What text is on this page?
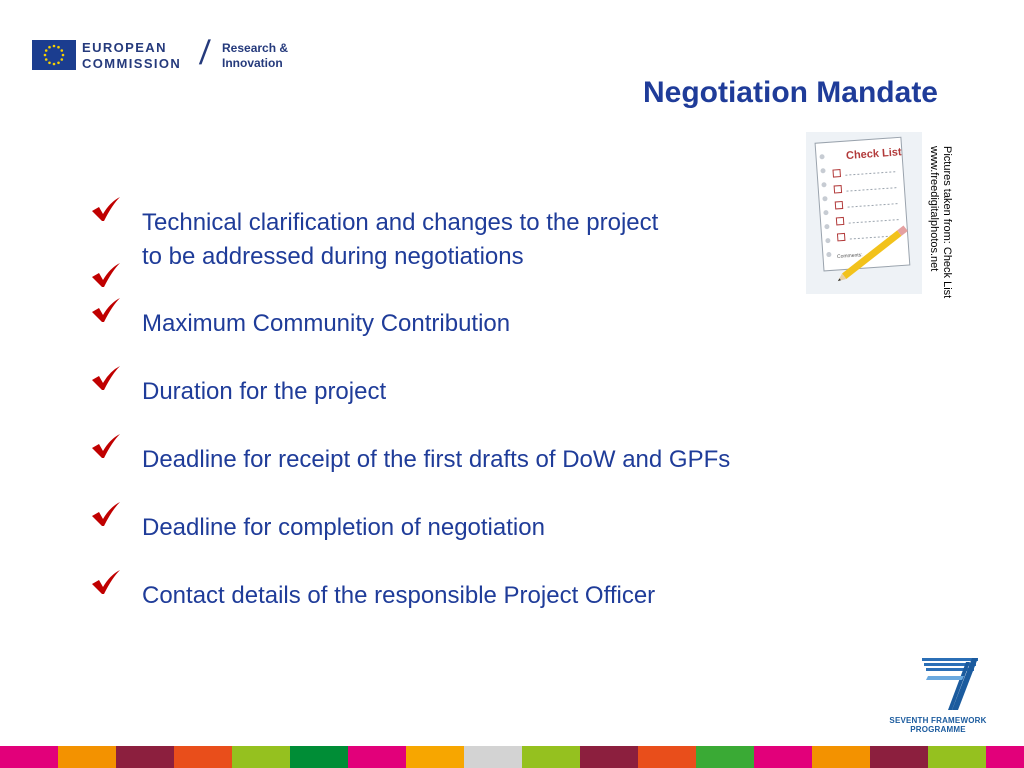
EUROPEAN
COMMISSION / Research &
Innovation
Negotiation Mandate
Check List
Comments:	Pictures taken from: Check List
www.freedigitalphotos.net
Technical clarification and changes to the project
to be addressed during negotiations
Maximum Community Contribution
Duration for the project
Deadline for receipt of the first drafts of DoW and GPFs
Deadline for completion of negotiation
Contact details of the responsible Project Officer
SEVENTH FRAMEWORK
PROGRAMME
